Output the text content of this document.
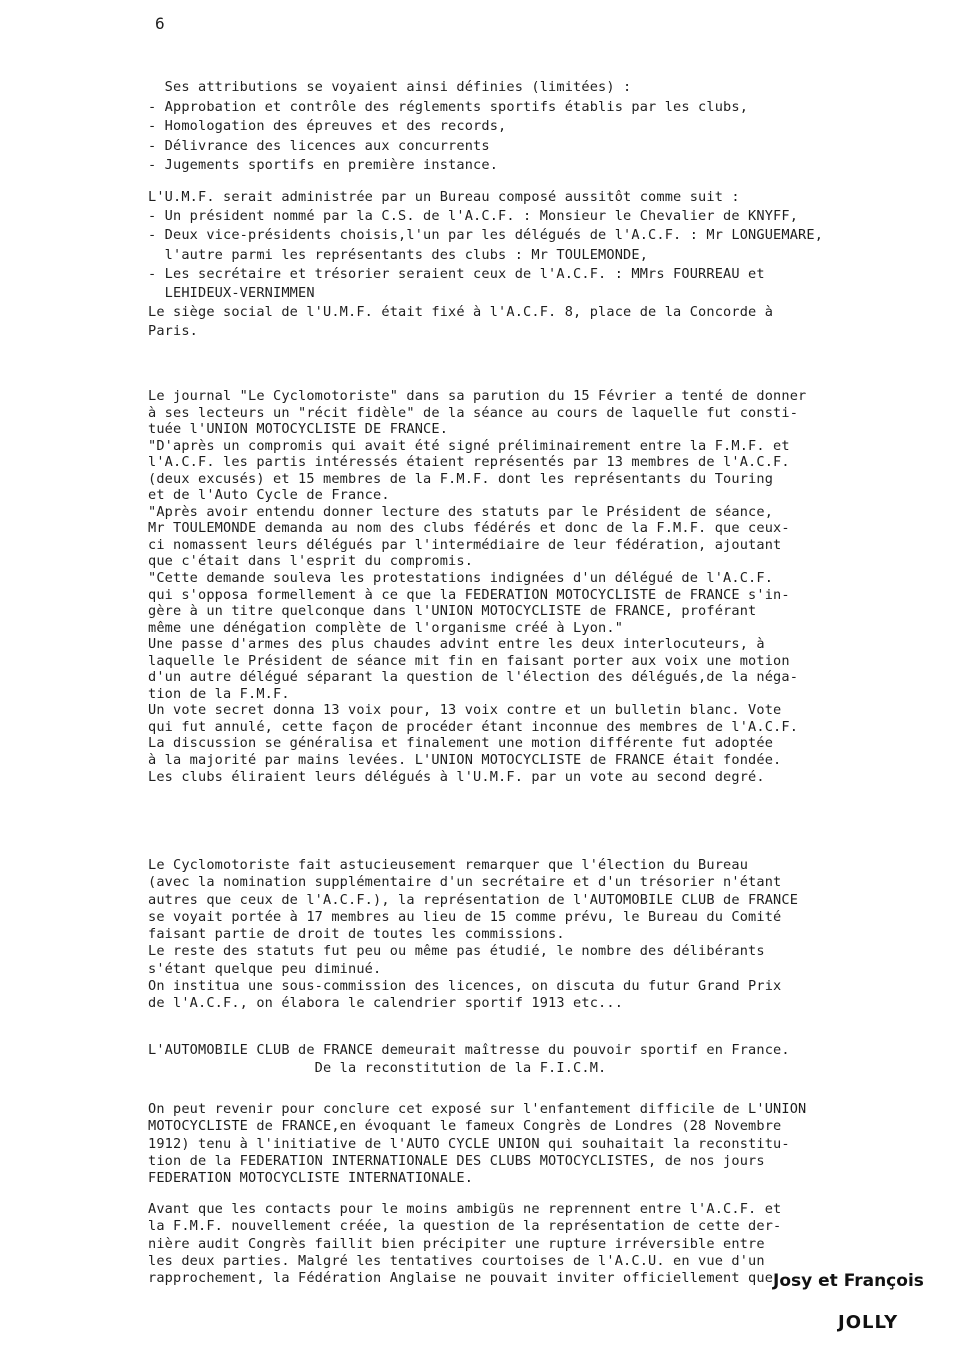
6
Ses attributions se voyaient ainsi définies (limitées) :
- Approbation et contrôle des réglements sportifs établis par les clubs,
- Homologation des épreuves et des records,
- Délivrance des licences aux concurrents
- Jugements sportifs en première instance.
L'U.M.F. serait administrée par un Bureau composé aussitôt comme suit :
- Un président nommé par la C.S. de l'A.C.F. : Monsieur le Chevalier de KNYFF,
- Deux vice-présidents choisis,l'un par les délégués de l'A.C.F. : Mr LONGUEMARE,
l'autre parmi les représentants des clubs : Mr TOULEMONDE,
- Les secrétaire et trésorier seraient ceux de l'A.C.F. : MMrs FOURREAU et
LEHIDEUX-VERNIMMEN
Le siège social de l'U.M.F. était fixé à l'A.C.F. 8, place de la Concorde à
Paris.
Le journal "Le Cyclomotoriste" dans sa parution du 15 Février a tenté de donner
à ses lecteurs un "récit fidèle" de la séance au cours de laquelle fut consti-
tuée l'UNION MOTOCYCLISTE DE FRANCE.
"D'après un compromis qui avait été signé préliminairement entre la F.M.F. et
l'A.C.F. les partis intéressés étaient représentés par 13 membres de l'A.C.F.
(deux excusés) et 15 membres de la F.M.F. dont les représentants du Touring
et de l'Auto Cycle de France.
"Après avoir entendu donner lecture des statuts par le Président de séance,
Mr TOULEMONDE demanda au nom des clubs fédérés et donc de la F.M.F. que ceux-
ci nomassent leurs délégués par l'intermédiaire de leur fédération, ajoutant
que c'était dans l'esprit du compromis.
"Cette demande souleva les protestations indignées d'un délégué de l'A.C.F.
qui s'opposa formellement à ce que la FEDERATION MOTOCYCLISTE de FRANCE s'in-
gère à un titre quelconque dans l'UNION MOTOCYCLISTE de FRANCE, proférant
même une dénégation complète de l'organisme créé à Lyon."
Une passe d'armes des plus chaudes advint entre les deux interlocuteurs, à
laquelle le Président de séance mit fin en faisant porter aux voix une motion
d'un autre délégué séparant la question de l'élection des délégués,de la néga-
tion de la F.M.F.
Un vote secret donna 13 voix pour, 13 voix contre et un bulletin blanc. Vote
qui fut annulé, cette façon de procéder étant inconnue des membres de l'A.C.F.
La discussion se généralisa et finalement une motion différente fut adoptée
à la majorité par mains levées. L'UNION MOTOCYCLISTE de FRANCE était fondée.
Les clubs éliraient leurs délégués à l'U.M.F. par un vote au second degré.
Le Cyclomotoriste fait astucieusement remarquer que l'élection du Bureau
(avec la nomination supplémentaire d'un secrétaire et d'un trésorier n'étant
autres que ceux de l'A.C.F.), la représentation de l'AUTOMOBILE CLUB de FRANCE
se voyait portée à 17 membres au lieu de 15 comme prévu, le Bureau du Comité
faisant partie de droit de toutes les commissions.
Le reste des statuts fut peu ou même pas étudié, le nombre des délibérants
s'étant quelque peu diminué.
On institua une sous-commission des licences, on discuta du futur Grand Prix
de l'A.C.F., on élabora le calendrier sportif 1913 etc...
L'AUTOMOBILE CLUB de FRANCE demeurait maîtresse du pouvoir sportif en France.
De la reconstitution de la F.I.C.M.
On peut revenir pour conclure cet exposé sur l'enfantement difficile de L'UNION
MOTOCYCLISTE de FRANCE,en évoquant le fameux Congrès de Londres (28 Novembre
1912) tenu à l'initiative de l'AUTO CYCLE UNION qui souhaitait la reconstitu-
tion de la FEDERATION INTERNATIONALE DES CLUBS MOTOCYCLISTES, de nos jours
FEDERATION MOTOCYCLISTE INTERNATIONALE.
Avant que les contacts pour le moins ambigüs ne reprennent entre l'A.C.F. et
la F.M.F. nouvellement créée, la question de la représentation de cette der-
nière audit Congrès faillit bien précipiter une rupture irréversible entre
les deux parties. Malgré les tentatives courtoises de l'A.C.U. en vue d'un
rapprochement, la Fédération Anglaise ne pouvait inviter officiellement que Josy et François
JOLLY
